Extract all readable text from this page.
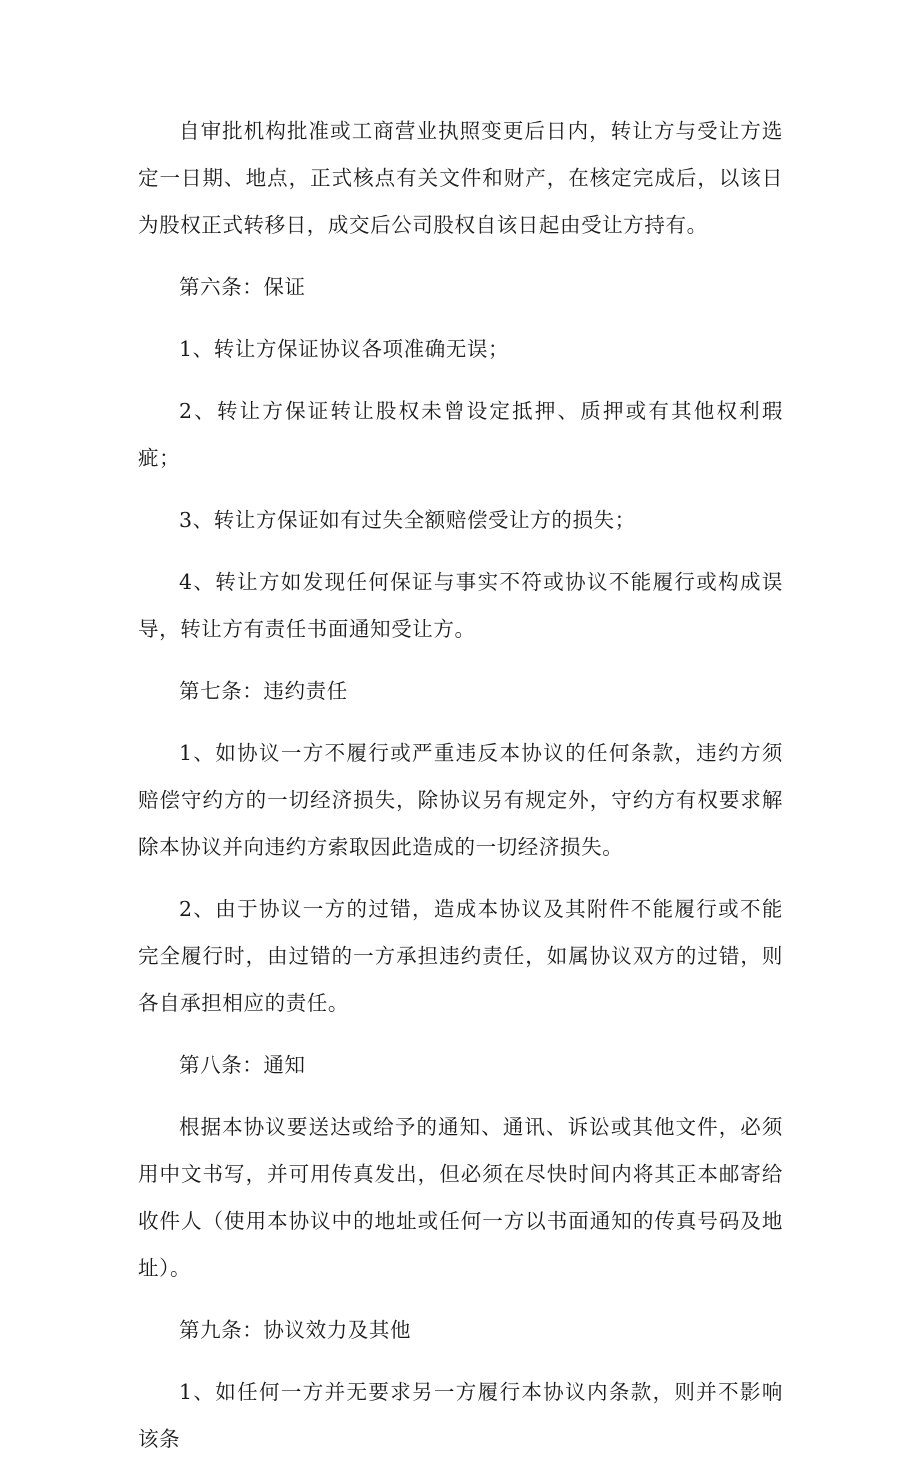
自审批机构批准或工商营业执照变更后日内，转让方与受让方选定一日期、地点，正式核点有关文件和财产，在核定完成后，以该日为股权正式转移日，成交后公司股权自该日起由受让方持有。

第六条：保证

1、转让方保证协议各项准确无误；

2、转让方保证转让股权未曾设定抵押、质押或有其他权利瑕疵；

3、转让方保证如有过失全额赔偿受让方的损失；

4、转让方如发现任何保证与事实不符或协议不能履行或构成误导，转让方有责任书面通知受让方。

第七条：违约责任

1、如协议一方不履行或严重违反本协议的任何条款，违约方须赔偿守约方的一切经济损失，除协议另有规定外，守约方有权要求解除本协议并向违约方索取因此造成的一切经济损失。

2、由于协议一方的过错，造成本协议及其附件不能履行或不能完全履行时，由过错的一方承担违约责任，如属协议双方的过错，则各自承担相应的责任。

第八条：通知

根据本协议要送达或给予的通知、通讯、诉讼或其他文件，必须用中文书写，并可用传真发出，但必须在尽快时间内将其正本邮寄给收件人（使用本协议中的地址或任何一方以书面通知的传真号码及地址）。

第九条：协议效力及其他

1、如任何一方并无要求另一方履行本协议内条款，则并不影响该条
